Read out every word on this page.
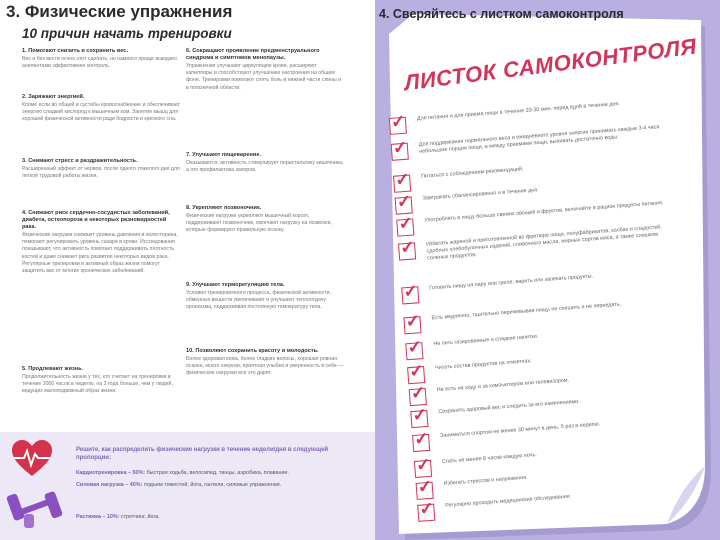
3. Физические упражнения
10 причин начать тренировки
1. Помогают снизить и сохранить вес.

Вес и без вести осчно этот сделать, но намного проще выюдзен анелентами эффективнее контроль.

2. Заряжают энергией.

Кпоме если во общей и сустабы кровоснабжение и обеспечивает энергию сладкий кислород к мышечным ком. Занятия мышц для хорошей физической активности ради бодрости и крепкого сна.

3. Снимают стресс и раздражительность.

Расширенный эффект от нервов, после одного тяжелого дня для легкой трудовой работы жизни.

4. Снижают риск сердечно-сосудистых заболеваний, диабета, остеопороза и некоторых разновидностей рака.

Физические нагрузки снижают уровень давления и холестерина, помогают регулировать уровень сахара в крови. Исследования показывают, что активность помогает поддерживать плотность костей и даже снижает риск развития некоторых видов рака. Регулярные тренировки и активный образ жизни помогут защитить вас от многих хронических заболеваний.

5. Продлевают жизнь.

Продолжительность жизни у тех, кто считает на тренировки в течение 2000 часов в неделю, на 3 года больше, чем у людей, ведущих малоподвижный образ жизни.

6. Сокращают проявление предменструального синдрома и симптомов менопаузы.

Упражнения улучшают циркуляцию крови, расширяют капилляры и способствуют улучшению настроения на общем фоне. Тренировки помогают снять боль в нижней части спины и в поясничной области.

7. Улучшают пищеварение.

Оказывается, активность стимулирует перистальтику кишечника, а это профилактика запоров.

8. Укрепляют позвоночник.

Физические нагрузки укрепляют мышечный корсет, поддерживают позвоночник, смягчают нагрузку на позвонки, которые формируют правильную осанку.

9. Улучшают терморегуляцию тела.

Условия тренировочного процесса, физической активности, обменных веществ увеличивают и улучшают теплоотдачу организма, поддерживая постоянную температуру тела.

10. Позволяют сохранить красоту и молодость.

Более здоровая кожа, более гладкие волосы, хорошая ровная осанка, много энергии, приятная улыбка и уверенность в себе — физические нагрузки все это дарят.

Решите, как распределить физические нагрузки в течение недели/дня в следующей пропорции:
Кардиотренировка – 50%: быстрая ходьба, велосипед, танцы, аэробика, плавание.
Силовая нагрузка – 40%: подъем тяжестей, йога, гантели, силовые упражнения.
Растяжка – 10%: стретчинг, йога.
4. Сверяйтесь с листком самоконтроля
ЛИСТОК САМОКОНТРОЛЯ
✓ Для питания и для приема пищи в течение 20-30 мин. перед едой в течение дня.
✓ Для поддержания нормального веса и ежедневного уровня энергии принимать каждые 3-4 часа небольшие порции пищи, а между приемами пищи, выпивать достаточно воды.
✓ Питаться с соблюдением рекомендаций.
✓ Завтракать сбалансированно и в течение дня.
✓ Употреблять в пищу больше свежих овощей и фруктов, включайте в рацион продукты питания.
✓ Избегать жареной и приготовленной во фритюре пищи, полуфабрикатов, колбас и сладостей, сдобных хлебобулочных изделий, сливочного масла, жирных сортов мяса, а также слишком соленых продуктов.
✓ Готовить пищу на пару или гриле, варить или запекать продукты.
✓ Есть медленно, тщательно пережевывая пищу, не спешить и не переедать.
✓ Не пить газированные и сладкие напитки.
✓ Читать состав продуктов на этикетках.
✓ Не есть на ходу и за компьютером или телевизором.
✓ Сохранять здоровый вес и следить за его изменениями.
✓ Заниматься спортом не менее 30 минут в день, 5 раз в неделю.
✓ Спать не менее 8 часов каждую ночь.
✓ Избегать стрессов и напряжения.
✓ Регулярно проходить медицинские обследования.
